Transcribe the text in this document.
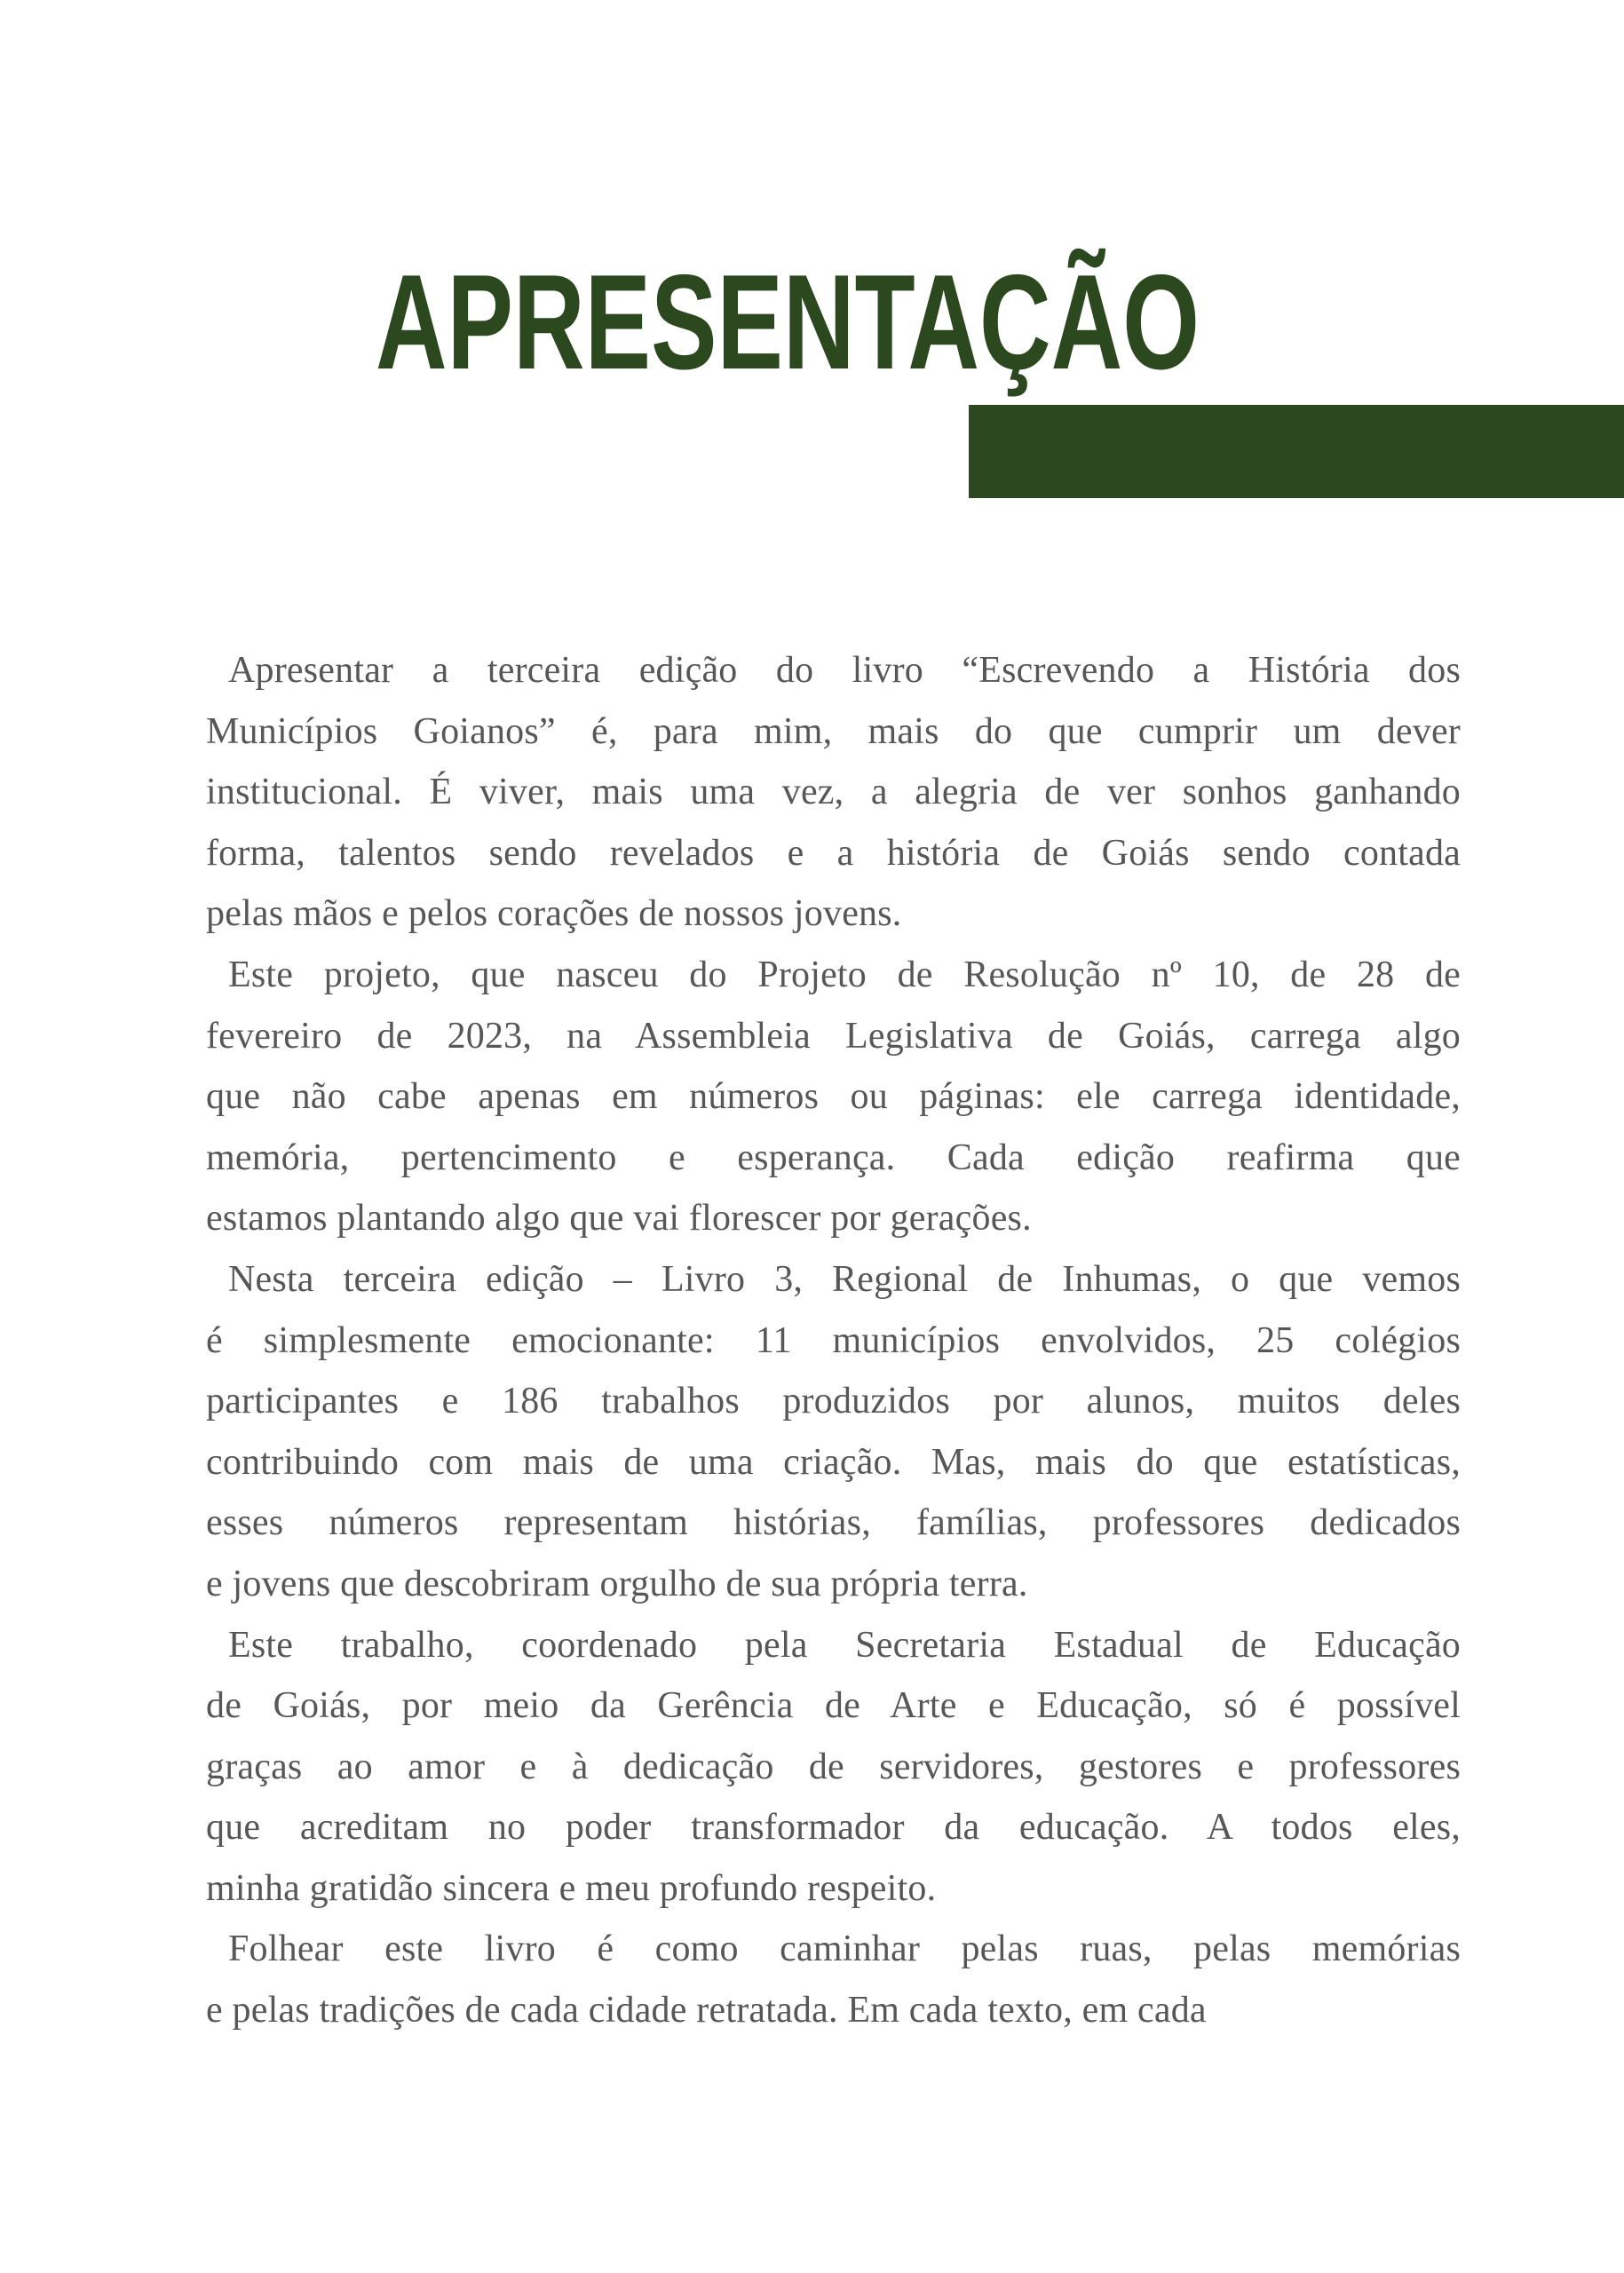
APRESENTAÇÃO
Apresentar a terceira edição do livro “Escrevendo a História dos
Municípios Goianos” é, para mim, mais do que cumprir um dever
institucional. É viver, mais uma vez, a alegria de ver sonhos ganhando
forma, talentos sendo revelados e a história de Goiás sendo contada
pelas mãos e pelos corações de nossos jovens.
Este projeto, que nasceu do Projeto de Resolução nº 10, de 28 de
fevereiro de 2023, na Assembleia Legislativa de Goiás, carrega algo
que não cabe apenas em números ou páginas: ele carrega identidade,
memória, pertencimento e esperança. Cada edição reafirma que
estamos plantando algo que vai florescer por gerações.
Nesta terceira edição – Livro 3, Regional de Inhumas, o que vemos
é simplesmente emocionante: 11 municípios envolvidos, 25 colégios
participantes e 186 trabalhos produzidos por alunos, muitos deles
contribuindo com mais de uma criação. Mas, mais do que estatísticas,
esses números representam histórias, famílias, professores dedicados
e jovens que descobriram orgulho de sua própria terra.
Este trabalho, coordenado pela Secretaria Estadual de Educação
de Goiás, por meio da Gerência de Arte e Educação, só é possível
graças ao amor e à dedicação de servidores, gestores e professores
que acreditam no poder transformador da educação. A todos eles,
minha gratidão sincera e meu profundo respeito.
Folhear este livro é como caminhar pelas ruas, pelas memórias
e pelas tradições de cada cidade retratada. Em cada texto, em cada
